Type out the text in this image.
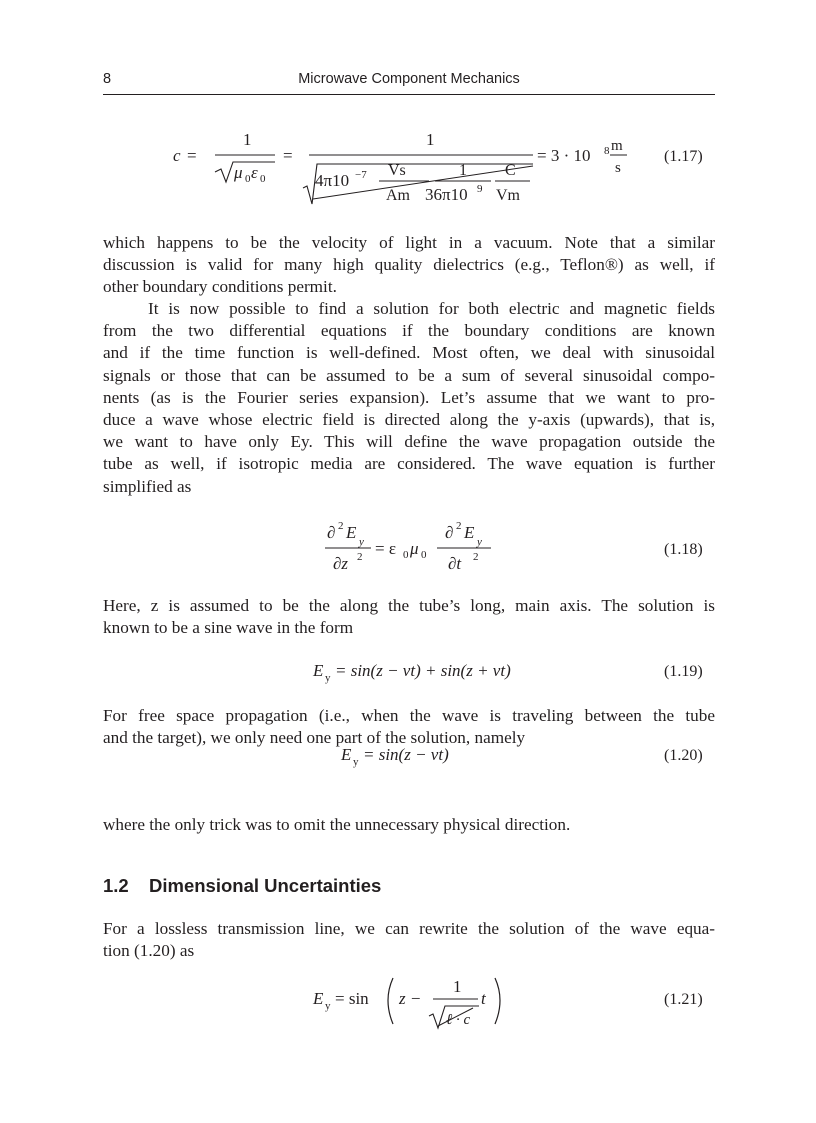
8	Microwave Component Mechanics
c =
1
μ 0 ε 0
=
1
4π10 −7 Vs
Am
1
36π10 9
C
Vm
= 3 · 10 8 m
s
(1.17)
which happens to be the velocity of light in a vacuum. Note that a similar
discussion is valid for many high quality dielectrics (e.g., Teflon®) as well, if
other boundary conditions permit.
It is now possible to find a solution for both electric and magnetic fields
from the two differential equations if the boundary conditions are known
and if the time function is well-defined. Most often, we deal with sinusoidal
signals or those that can be assumed to be a sum of several sinusoidal compo-
nents (as is the Fourier series expansion). Let’s assume that we want to pro-
duce a wave whose electric field is directed along the y-axis (upwards), that is,
we want to have only Ey. This will define the wave propagation outside the
tube as well, if isotropic media are considered. The wave equation is further
simplified as
∂ 2 E y
∂z 2 = ε 0 μ 0
∂ 2 E y
∂t 2	(1.18)
Here, z is assumed to be the along the tube’s long, main axis. The solution is
known to be a sine wave in the form
E y = sin(z − vt) + sin(z + vt)	(1.19)
For free space propagation (i.e., when the wave is traveling between the tube
and the target), we only need one part of the solution, namely
E y = sin(z − vt)	(1.20)
where the only trick was to omit the unnecessary physical direction.
1.2 Dimensional Uncertainties
For a lossless transmission line, we can rewrite the solution of the wave equa-
tion (1.20) as
E y = sin z −
1
ℓ · c
t	(1.21)
